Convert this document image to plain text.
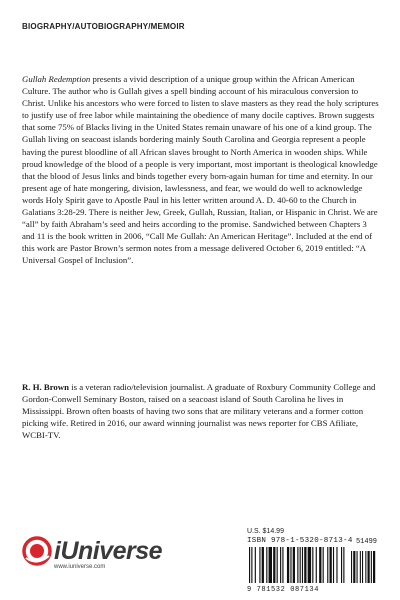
BIOGRAPHY/AUTOBIOGRAPHY/MEMOIR

Gullah Redemption presents a vivid description of a unique group within the African American Culture. The author who is Gullah gives a spell binding account of his miraculous conversion to Christ. Unlike his ancestors who were forced to listen to slave masters as they read the holy scriptures to justify use of free labor while maintaining the obedience of many docile captives. Brown suggests that some 75% of Blacks living in the United States remain unaware of his one of a kind group. The Gullah living on seacoast islands bordering mainly South Carolina and Georgia represent a people having the purest bloodline of all African slaves brought to North America in wooden ships. While proud knowledge of the blood of a people is very important, most important is theological knowledge that the blood of Jesus links and binds together every born-again human for time and eternity. In our present age of hate mongering, division, lawlessness, and fear, we would do well to acknowledge words Holy Spirit gave to Apostle Paul in his letter written around A. D. 40-60 to the Church in Galatians 3:28-29. There is neither Jew, Greek, Gullah, Russian, Italian, or Hispanic in Christ. We are “all” by faith Abraham’s seed and heirs according to the promise. Sandwiched between Chapters 3 and 11 is the book written in 2006, “Call Me Gullah: An American Heritage”. Included at the end of this work are Pastor Brown’s sermon notes from a message delivered October 6, 2019 entitled: “A Universal Gospel of Inclusion”.

R. H. Brown is a veteran radio/television journalist. A graduate of Roxbury Community College and Gordon-Conwell Seminary Boston, raised on a seacoast island of South Carolina he lives in Mississippi. Brown often boasts of having two sons that are military veterans and a former cotton picking wife. Retired in 2016, our award winning journalist was news reporter for CBS Afiliate, WCBI-TV.

U.S. $14.99
ISBN 978-1-5320-8713-4 51499
9 781532 087134
iUniverse
www.iuniverse.com
